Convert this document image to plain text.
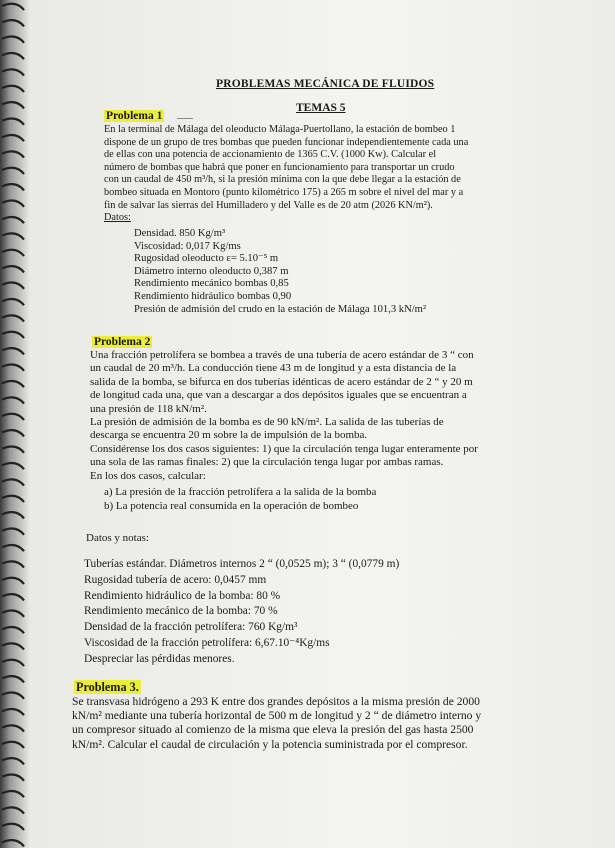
PROBLEMAS MECÁNICA DE FLUIDOS
TEMAS 5
Problema 1
En la terminal de Málaga del oleoducto Málaga-Puertollano, la estación de bombeo 1
dispone de un grupo de tres bombas que pueden funcionar independientemente cada una
de ellas con una potencia de accionamiento de 1365 C.V. (1000 Kw). Calcular el
número de bombas que habrá que poner en funcionamiento para transportar un crudo
con un caudal de 450 m³/h, si la presión mínima con la que debe llegar a la estación de
bombeo situada en Montoro (punto kilométrico 175) a 265 m sobre el nivel del mar y a
fin de salvar las sierras del Humilladero y del Valle es de 20 atm (2026 KN/m²).
Datos:
Densidad. 850 Kg/m³
Viscosidad: 0,017 Kg/ms
Rugosidad oleoducto ε= 5.10⁻⁵ m
Diámetro interno oleoducto 0,387 m
Rendimiento mecánico bombas 0,85
Rendimiento hidráulico bombas 0,90
Presión de admisión del crudo en la estación de Málaga 101,3 kN/m²
Problema 2
Una fracción petrolífera se bombea a través de una tubería de acero estándar de 3 “ con
un caudal de 20 m³/h. La conducción tiene 43 m de longitud y a esta distancia de la
salida de la bomba, se bifurca en dos tuberías idénticas de acero estándar de 2 “ y 20 m
de longitud cada una, que van a descargar a dos depósitos iguales que se encuentran a
una presión de 118 kN/m².
La presión de admisión de la bomba es de 90 kN/m². La salida de las tuberías de
descarga se encuentra 20 m sobre la de impulsión de la bomba.
Considérense los dos casos siguientes: 1) que la circulación tenga lugar enteramente por
una sola de las ramas finales: 2) que la circulación tenga lugar por ambas ramas.
En los dos casos, calcular:
a) La presión de la fracción petrolífera a la salida de la bomba
b) La potencia real consumida en la operación de bombeo
Datos y notas:
Tuberías estándar. Diámetros internos 2 “ (0,0525 m); 3 “ (0,0779 m)
Rugosidad tubería de acero: 0,0457 mm
Rendimiento hidráulico de la bomba: 80 %
Rendimiento mecánico de la bomba: 70 %
Densidad de la fracción petrolífera: 760 Kg/m³
Viscosidad de la fracción petrolífera: 6,67.10⁻⁴Kg/ms
Despreciar las pérdidas menores.
Problema 3.
Se transvasa hidrógeno a 293 K entre dos grandes depósitos a la misma presión de 2000
kN/m² mediante una tubería horizontal de 500 m de longitud y 2 “ de diámetro interno y
un compresor situado al comienzo de la misma que eleva la presión del gas hasta 2500
kN/m². Calcular el caudal de circulación y la potencia suministrada por el compresor.
